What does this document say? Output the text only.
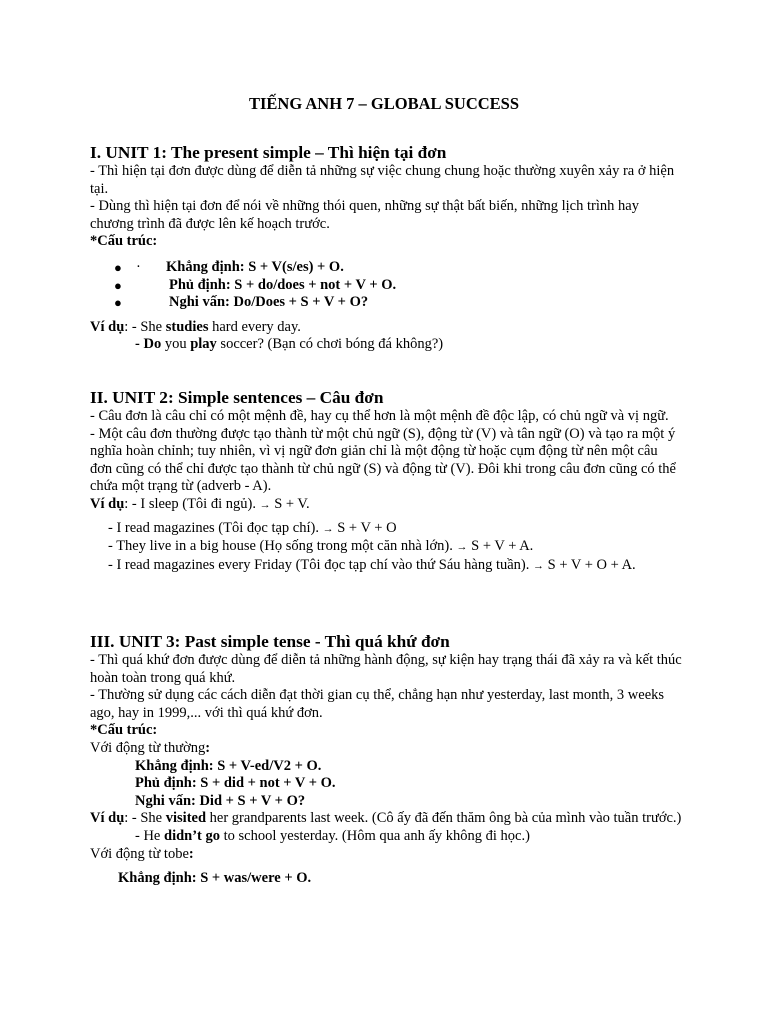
TIẾNG ANH 7 – GLOBAL SUCCESS
I. UNIT 1: The present simple – Thì hiện tại đơn

- Thì hiện tại đơn được dùng để diễn tả những sự việc chung chung hoặc thường xuyên xảy ra ở hiện tại.

- Dùng thì hiện tại đơn để nói về những thói quen, những sự thật bất biến, những lịch trình hay chương trình đã được lên kế hoạch trước.

*Cấu trúc:
● · Khẳng định: S + V(s/es) + O.
●	Phủ định: S + do/does + not + V + O.
●	Nghi vấn: Do/Does + S + V + O?
Ví dụ: - She studies hard every day.
- Do you play soccer? (Bạn có chơi bóng đá không?)
II. UNIT 2: Simple sentences – Câu đơn

- Câu đơn là câu chỉ có một mệnh đề, hay cụ thể hơn là một mệnh đề độc lập, có chủ ngữ và vị ngữ.

- Một câu đơn thường được tạo thành từ một chủ ngữ (S), động từ (V) và tân ngữ (O) và tạo ra một ý nghĩa hoàn chỉnh; tuy nhiên, vì vị ngữ đơn giản chỉ là một động từ hoặc cụm động từ nên một câu đơn cũng có thể chỉ được tạo thành từ chủ ngữ (S) và động từ (V). Đôi khi trong câu đơn cũng có thể chứa một trạng từ (adverb - A).

Ví dụ: - I sleep (Tôi đi ngủ). → S + V.
- I read magazines (Tôi đọc tạp chí). → S + V + O
- They live in a big house (Họ sống trong một căn nhà lớn). → S + V + A.
- I read magazines every Friday (Tôi đọc tạp chí vào thứ Sáu hàng tuần). → S + V + O + A.
III. UNIT 3: Past simple tense - Thì quá khứ đơn

- Thì quá khứ đơn được dùng để diễn tả những hành động, sự kiện hay trạng thái đã xảy ra và kết thúc hoàn toàn trong quá khứ.

- Thường sử dụng các cách diễn đạt thời gian cụ thể, chẳng hạn như yesterday, last month, 3 weeks ago, hay in 1999,... với thì quá khứ đơn.

*Cấu trúc:
Với động từ thường:
Khẳng định: S + V-ed/V2 + O.
Phủ định: S + did + not + V + O.
Nghi vấn: Did + S + V + O?
Ví dụ: - She visited her grandparents last week. (Cô ấy đã đến thăm ông bà của mình vào tuần trước.)
- He didn’t go to school yesterday. (Hôm qua anh ấy không đi học.)
Với động từ tobe:
Khẳng định: S + was/were + O.
